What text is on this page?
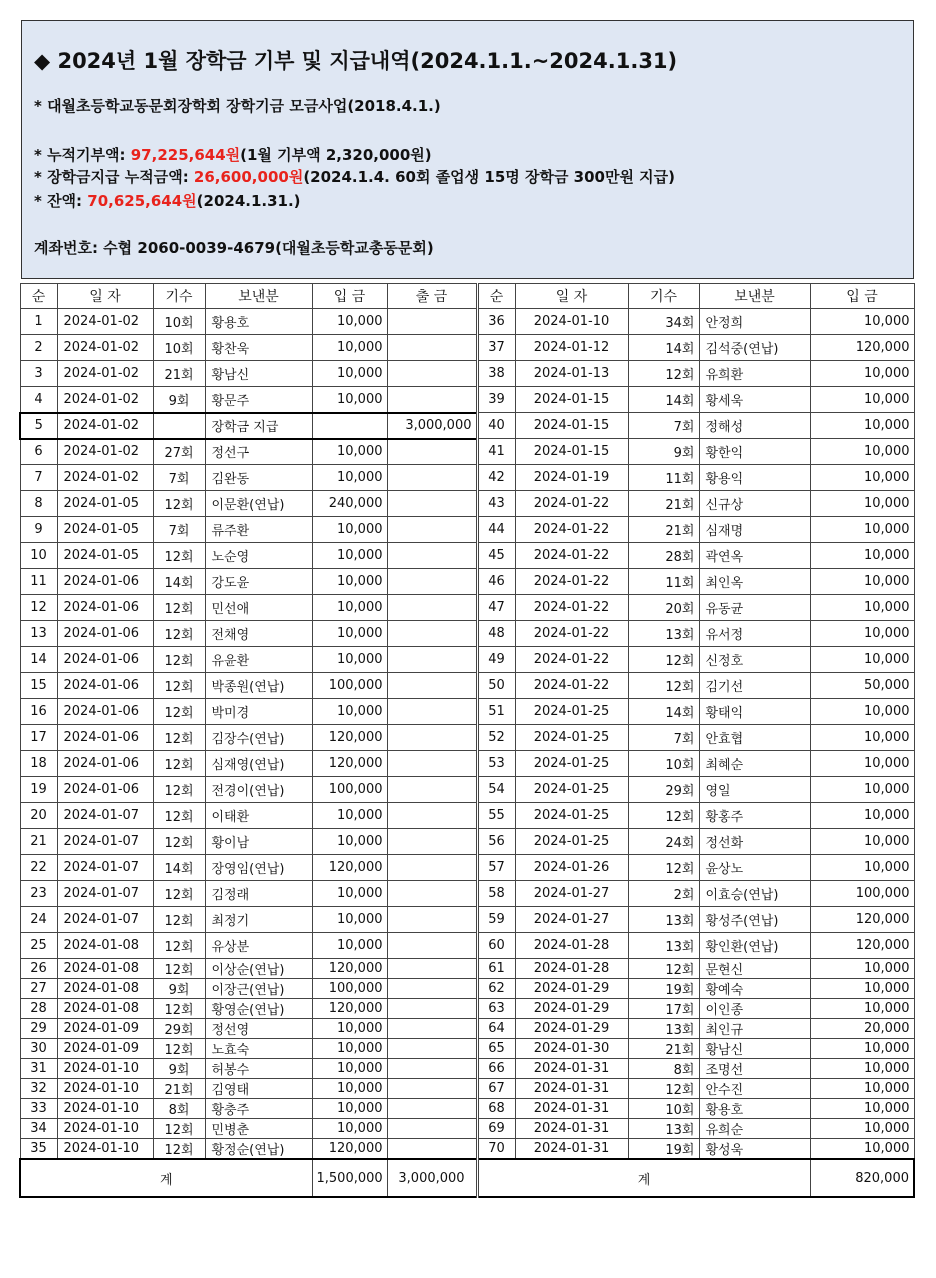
◆ 2024년 1월 장학금 기부 및 지급내역(2024.1.1.~2024.1.31)
* 대월초등학교동문회장학회 장학기금 모금사업(2018.4.1.)
* 누적기부액: 97,225,644원(1월 기부액 2,320,000원)
* 장학금지급 누적금액: 26,600,000원(2024.1.4. 60회 졸업생 15명 장학금 300만원 지급)
* 잔액: 70,625,644원(2024.1.31.)
계좌번호: 수협 2060-0039-4679(대월초등학교총동문회)
순	일 자	기수	보낸분	입 금	출 금	순	일 자	기수	보낸분	입 금
1	2024-01-02	10회	황용호	10,000		36	2024-01-10	34회	안정희	10,000
2	2024-01-02	10회	황찬욱	10,000		37	2024-01-12	14회	김석중(연납)	120,000
3	2024-01-02	21회	황남신	10,000		38	2024-01-13	12회	유희환	10,000
4	2024-01-02	9회	황문주	10,000		39	2024-01-15	14회	황세욱	10,000
5	2024-01-02		장학금 지급		3,000,000	40	2024-01-15	7회	정해성	10,000
6	2024-01-02	27회	정선구	10,000		41	2024-01-15	9회	황한익	10,000
7	2024-01-02	7회	김완동	10,000		42	2024-01-19	11회	황용익	10,000
8	2024-01-05	12회	이문환(연납)	240,000		43	2024-01-22	21회	신규상	10,000
9	2024-01-05	7회	류주환	10,000		44	2024-01-22	21회	심재명	10,000
10	2024-01-05	12회	노순영	10,000		45	2024-01-22	28회	곽연옥	10,000
11	2024-01-06	14회	강도윤	10,000		46	2024-01-22	11회	최인옥	10,000
12	2024-01-06	12회	민선애	10,000		47	2024-01-22	20회	유동균	10,000
13	2024-01-06	12회	전채영	10,000		48	2024-01-22	13회	유서정	10,000
14	2024-01-06	12회	유윤환	10,000		49	2024-01-22	12회	신정호	10,000
15	2024-01-06	12회	박종원(연납)	100,000		50	2024-01-22	12회	김기선	50,000
16	2024-01-06	12회	박미경	10,000		51	2024-01-25	14회	황태익	10,000
17	2024-01-06	12회	김장수(연납)	120,000		52	2024-01-25	7회	안효협	10,000
18	2024-01-06	12회	심재영(연납)	120,000		53	2024-01-25	10회	최혜순	10,000
19	2024-01-06	12회	전경이(연납)	100,000		54	2024-01-25	29회	영일	10,000
20	2024-01-07	12회	이태환	10,000		55	2024-01-25	12회	황홍주	10,000
21	2024-01-07	12회	황이남	10,000		56	2024-01-25	24회	정선화	10,000
22	2024-01-07	14회	장영임(연납)	120,000		57	2024-01-26	12회	윤상노	10,000
23	2024-01-07	12회	김정래	10,000		58	2024-01-27	2회	이효승(연납)	100,000
24	2024-01-07	12회	최정기	10,000		59	2024-01-27	13회	황성주(연납)	120,000
25	2024-01-08	12회	유상분	10,000		60	2024-01-28	13회	황인환(연납)	120,000
26	2024-01-08	12회	이상순(연납)	120,000		61	2024-01-28	12회	문현신	10,000
27	2024-01-08	9회	이장근(연납)	100,000		62	2024-01-29	19회	황예숙	10,000
28	2024-01-08	12회	황영순(연납)	120,000		63	2024-01-29	17회	이인종	10,000
29	2024-01-09	29회	정선영	10,000		64	2024-01-29	13회	최인규	20,000
30	2024-01-09	12회	노효숙	10,000		65	2024-01-30	21회	황남신	10,000
31	2024-01-10	9회	허봉수	10,000		66	2024-01-31	8회	조명선	10,000
32	2024-01-10	21회	김영태	10,000		67	2024-01-31	12회	안수진	10,000
33	2024-01-10	8회	황충주	10,000		68	2024-01-31	10회	황용호	10,000
34	2024-01-10	12회	민병춘	10,000		69	2024-01-31	13회	유희순	10,000
35	2024-01-10	12회	황정순(연납)	120,000		70	2024-01-31	19회	황성욱	10,000
계				1,500,000	3,000,000	계				820,000
